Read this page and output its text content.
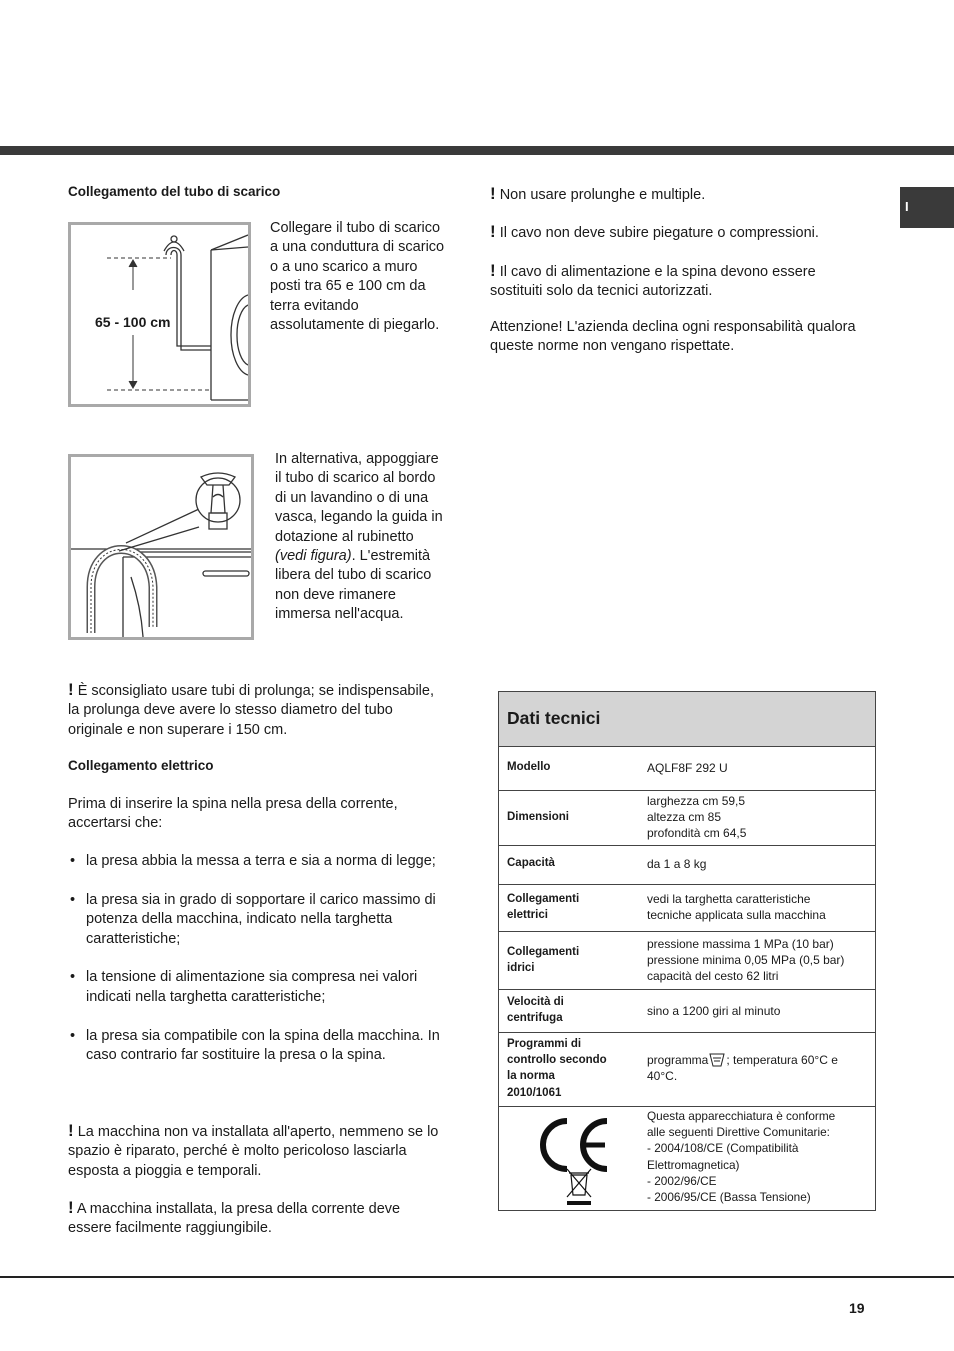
I
Collegamento del tubo di scarico
65 - 100 cm

Collegare il tubo di scarico a una conduttura di scarico o a uno scarico a muro posti tra 65 e 100 cm da terra evitando assolutamente di piegarlo.

In alternativa, appoggiare il tubo di scarico al bordo di un lavandino o di una vasca, legando la guida in dotazione al rubinetto (vedi figura). L'estremità libera del tubo di scarico non deve rimanere immersa nell'acqua.

! È sconsigliato usare tubi di prolunga; se indispensabile, la prolunga deve avere lo stesso diametro del tubo originale e non superare i 150 cm.

Collegamento elettrico

Prima di inserire la spina nella presa della corrente, accertarsi che:

• la presa abbia la messa a terra e sia a norma di legge;
• la presa sia in grado di sopportare il carico massimo di potenza della macchina, indicato nella targhetta caratteristiche;
• la tensione di alimentazione sia compresa nei valori indicati nella targhetta caratteristiche;
• la presa sia compatibile con la spina della macchina. In caso contrario far sostituire la presa o la spina.

! La macchina non va installata all'aperto, nemmeno se lo spazio è riparato, perché è molto pericoloso lasciarla esposta a pioggia e temporali.

! A macchina installata, la presa della corrente deve essere facilmente raggiungibile.

! Non usare prolunghe e multiple.

! Il cavo non deve subire piegature o compressioni.

! Il cavo di alimentazione e la spina devono essere sostituiti solo da tecnici autorizzati.

Attenzione! L'azienda declina ogni responsabilità qualora queste norme non vengano rispettate.

Dati tecnici
Modello	AQLF8F 292 U
Dimensioni
larghezza cm 59,5
altezza cm 85
profondità cm 64,5
Capacità	da 1 a 8 kg
Collegamenti
elettrici
vedi la targhetta caratteristiche
tecniche applicata sulla macchina
Collegamenti
idrici
pressione massima 1 MPa (10 bar)
pressione minima 0,05 MPa (0,5 bar)
capacità del cesto 62 litri
Velocità di
centrifuga
sino a 1200 giri al minuto
Programmi di
controllo secondo
la norma
2010/1061
programma ; temperatura 60°C e
40°C.
Questa apparecchiatura è conforme
alle seguenti Direttive Comunitarie:
- 2004/108/CE (Compatibilità
Elettromagnetica)
- 2002/96/CE
- 2006/95/CE (Bassa Tensione)
19
